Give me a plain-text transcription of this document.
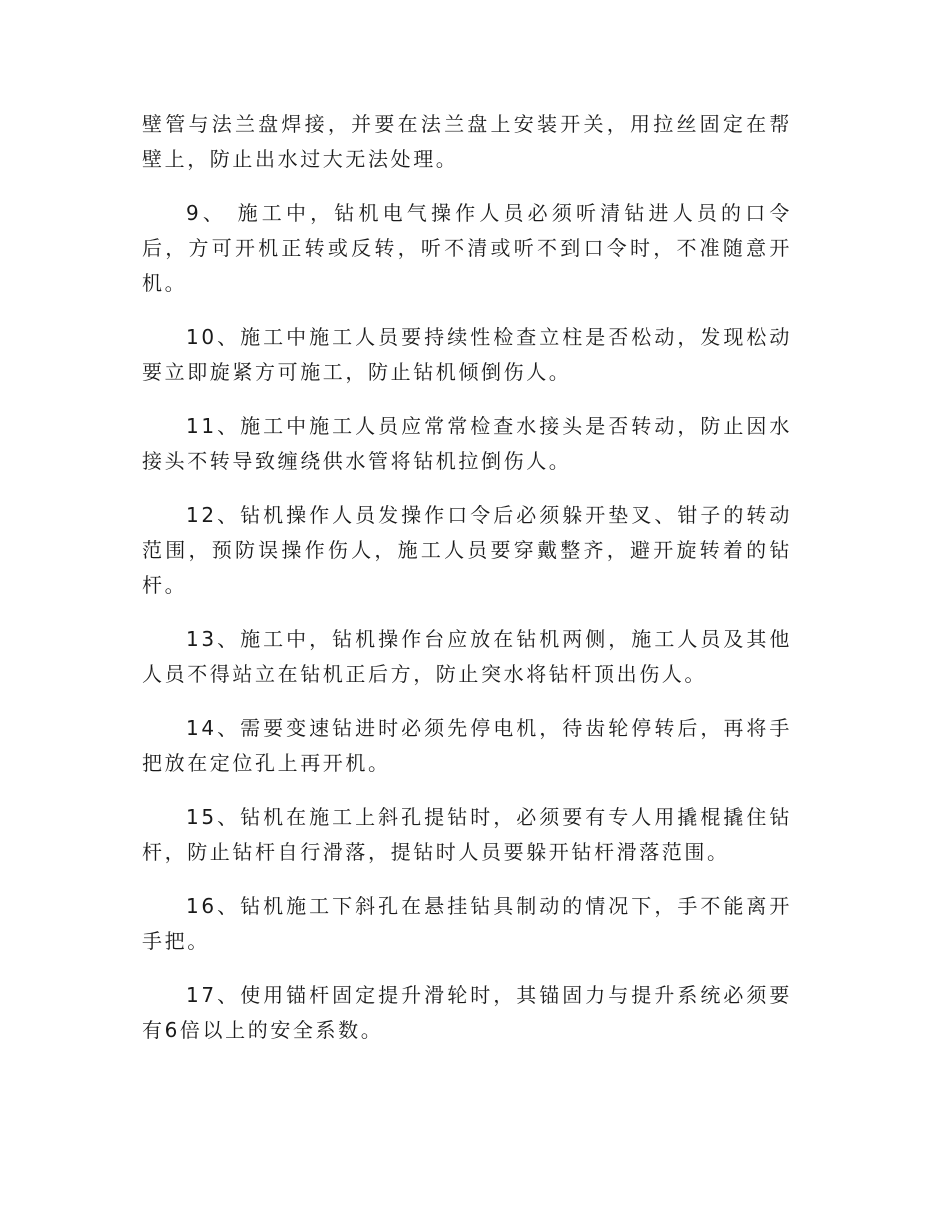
壁管与法兰盘焊接，并要在法兰盘上安装开关，用拉丝固定在帮壁上，防止出水过大无法处理。

9、 施工中，钻机电气操作人员必须听清钻进人员的口令后，方可开机正转或反转，听不清或听不到口令时，不准随意开机。

10、施工中施工人员要持续性检查立柱是否松动，发现松动要立即旋紧方可施工，防止钻机倾倒伤人。

11、施工中施工人员应常常检查水接头是否转动，防止因水接头不转导致缠绕供水管将钻机拉倒伤人。

12、钻机操作人员发操作口令后必须躲开垫叉、钳子的转动范围，预防误操作伤人，施工人员要穿戴整齐，避开旋转着的钻杆。

13、施工中，钻机操作台应放在钻机两侧，施工人员及其他人员不得站立在钻机正后方，防止突水将钻杆顶出伤人。

14、需要变速钻进时必须先停电机，待齿轮停转后，再将手把放在定位孔上再开机。

15、钻机在施工上斜孔提钻时，必须要有专人用撬棍撬住钻杆，防止钻杆自行滑落，提钻时人员要躲开钻杆滑落范围。

16、钻机施工下斜孔在悬挂钻具制动的情况下，手不能离开手把。

17、使用锚杆固定提升滑轮时，其锚固力与提升系统必须要有6倍以上的安全系数。
